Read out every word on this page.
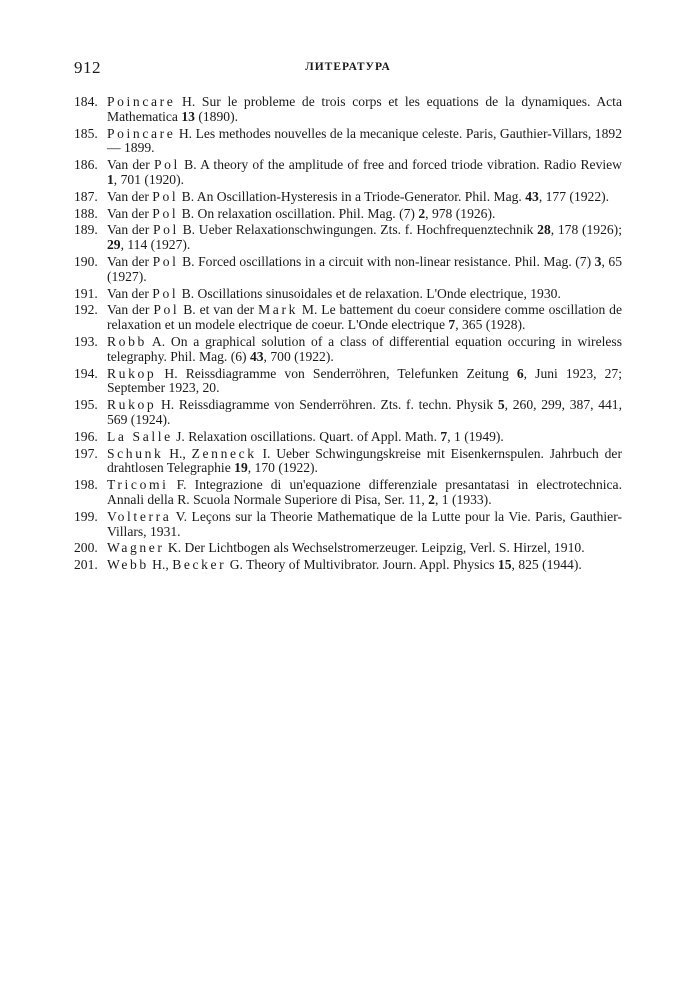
912	ЛИТЕРАТУРА
184. Poincare H. Sur le probleme de trois corps et les equations de la dynamiques. Acta Mathematica 13 (1890).
185. Poincare H. Les methodes nouvelles de la mecanique celeste. Paris, Gauthier-Villars, 1892 — 1899.
186. Van der Pol B. A theory of the amplitude of free and forced triode vibration. Radio Review 1, 701 (1920).
187. Van der Pol B. An Oscillation-Hysteresis in a Triode-Generator. Phil. Mag. 43, 177 (1922).
188. Van der Pol B. On relaxation oscillation. Phil. Mag. (7) 2, 978 (1926).
189. Van der Pol B. Ueber Relaxationschwingungen. Zts. f. Hochfrequenztechnik 28, 178 (1926); 29, 114 (1927).
190. Van der Pol B. Forced oscillations in a circuit with non-linear resistance. Phil. Mag. (7) 3, 65 (1927).
191. Van der Pol B. Oscillations sinusoidales et de relaxation. L'Onde electrique, 1930.
192. Van der Pol B. et van der Mark M. Le battement du coeur considere comme oscillation de relaxation et un modele electrique de coeur. L'Onde electrique 7, 365 (1928).
193. Robb A. On a graphical solution of a class of differential equation occuring in wireless telegraphy. Phil. Mag. (6) 43, 700 (1922).
194. Rukop H. Reissdiagramme von Senderröhren, Telefunken Zeitung 6, Juni 1923, 27; September 1923, 20.
195. Rukop H. Reissdiagramme von Senderröhren. Zts. f. techn. Physik 5, 260, 299, 387, 441, 569 (1924).
196. La Salle J. Relaxation oscillations. Quart. of Appl. Math. 7, 1 (1949).
197. Schunk H., Zenneck I. Ueber Schwingungskreise mit Eisenkernspulen. Jahrbuch der drahtlosen Telegraphie 19, 170 (1922).
198. Tricomi F. Integrazione di un'equazione differenziale presantatasi in electrotechnica. Annali della R. Scuola Normale Superiore di Pisa, Ser. 11, 2, 1 (1933).
199. Volterra V. Leçons sur la Theorie Mathematique de la Lutte pour la Vie. Paris, Gauthier-Villars, 1931.
200. Wagner K. Der Lichtbogen als Wechselstromerzeuger. Leipzig, Verl. S. Hirzel, 1910.
201. Webb H., Becker G. Theory of Multivibrator. Journ. Appl. Physics 15, 825 (1944).
